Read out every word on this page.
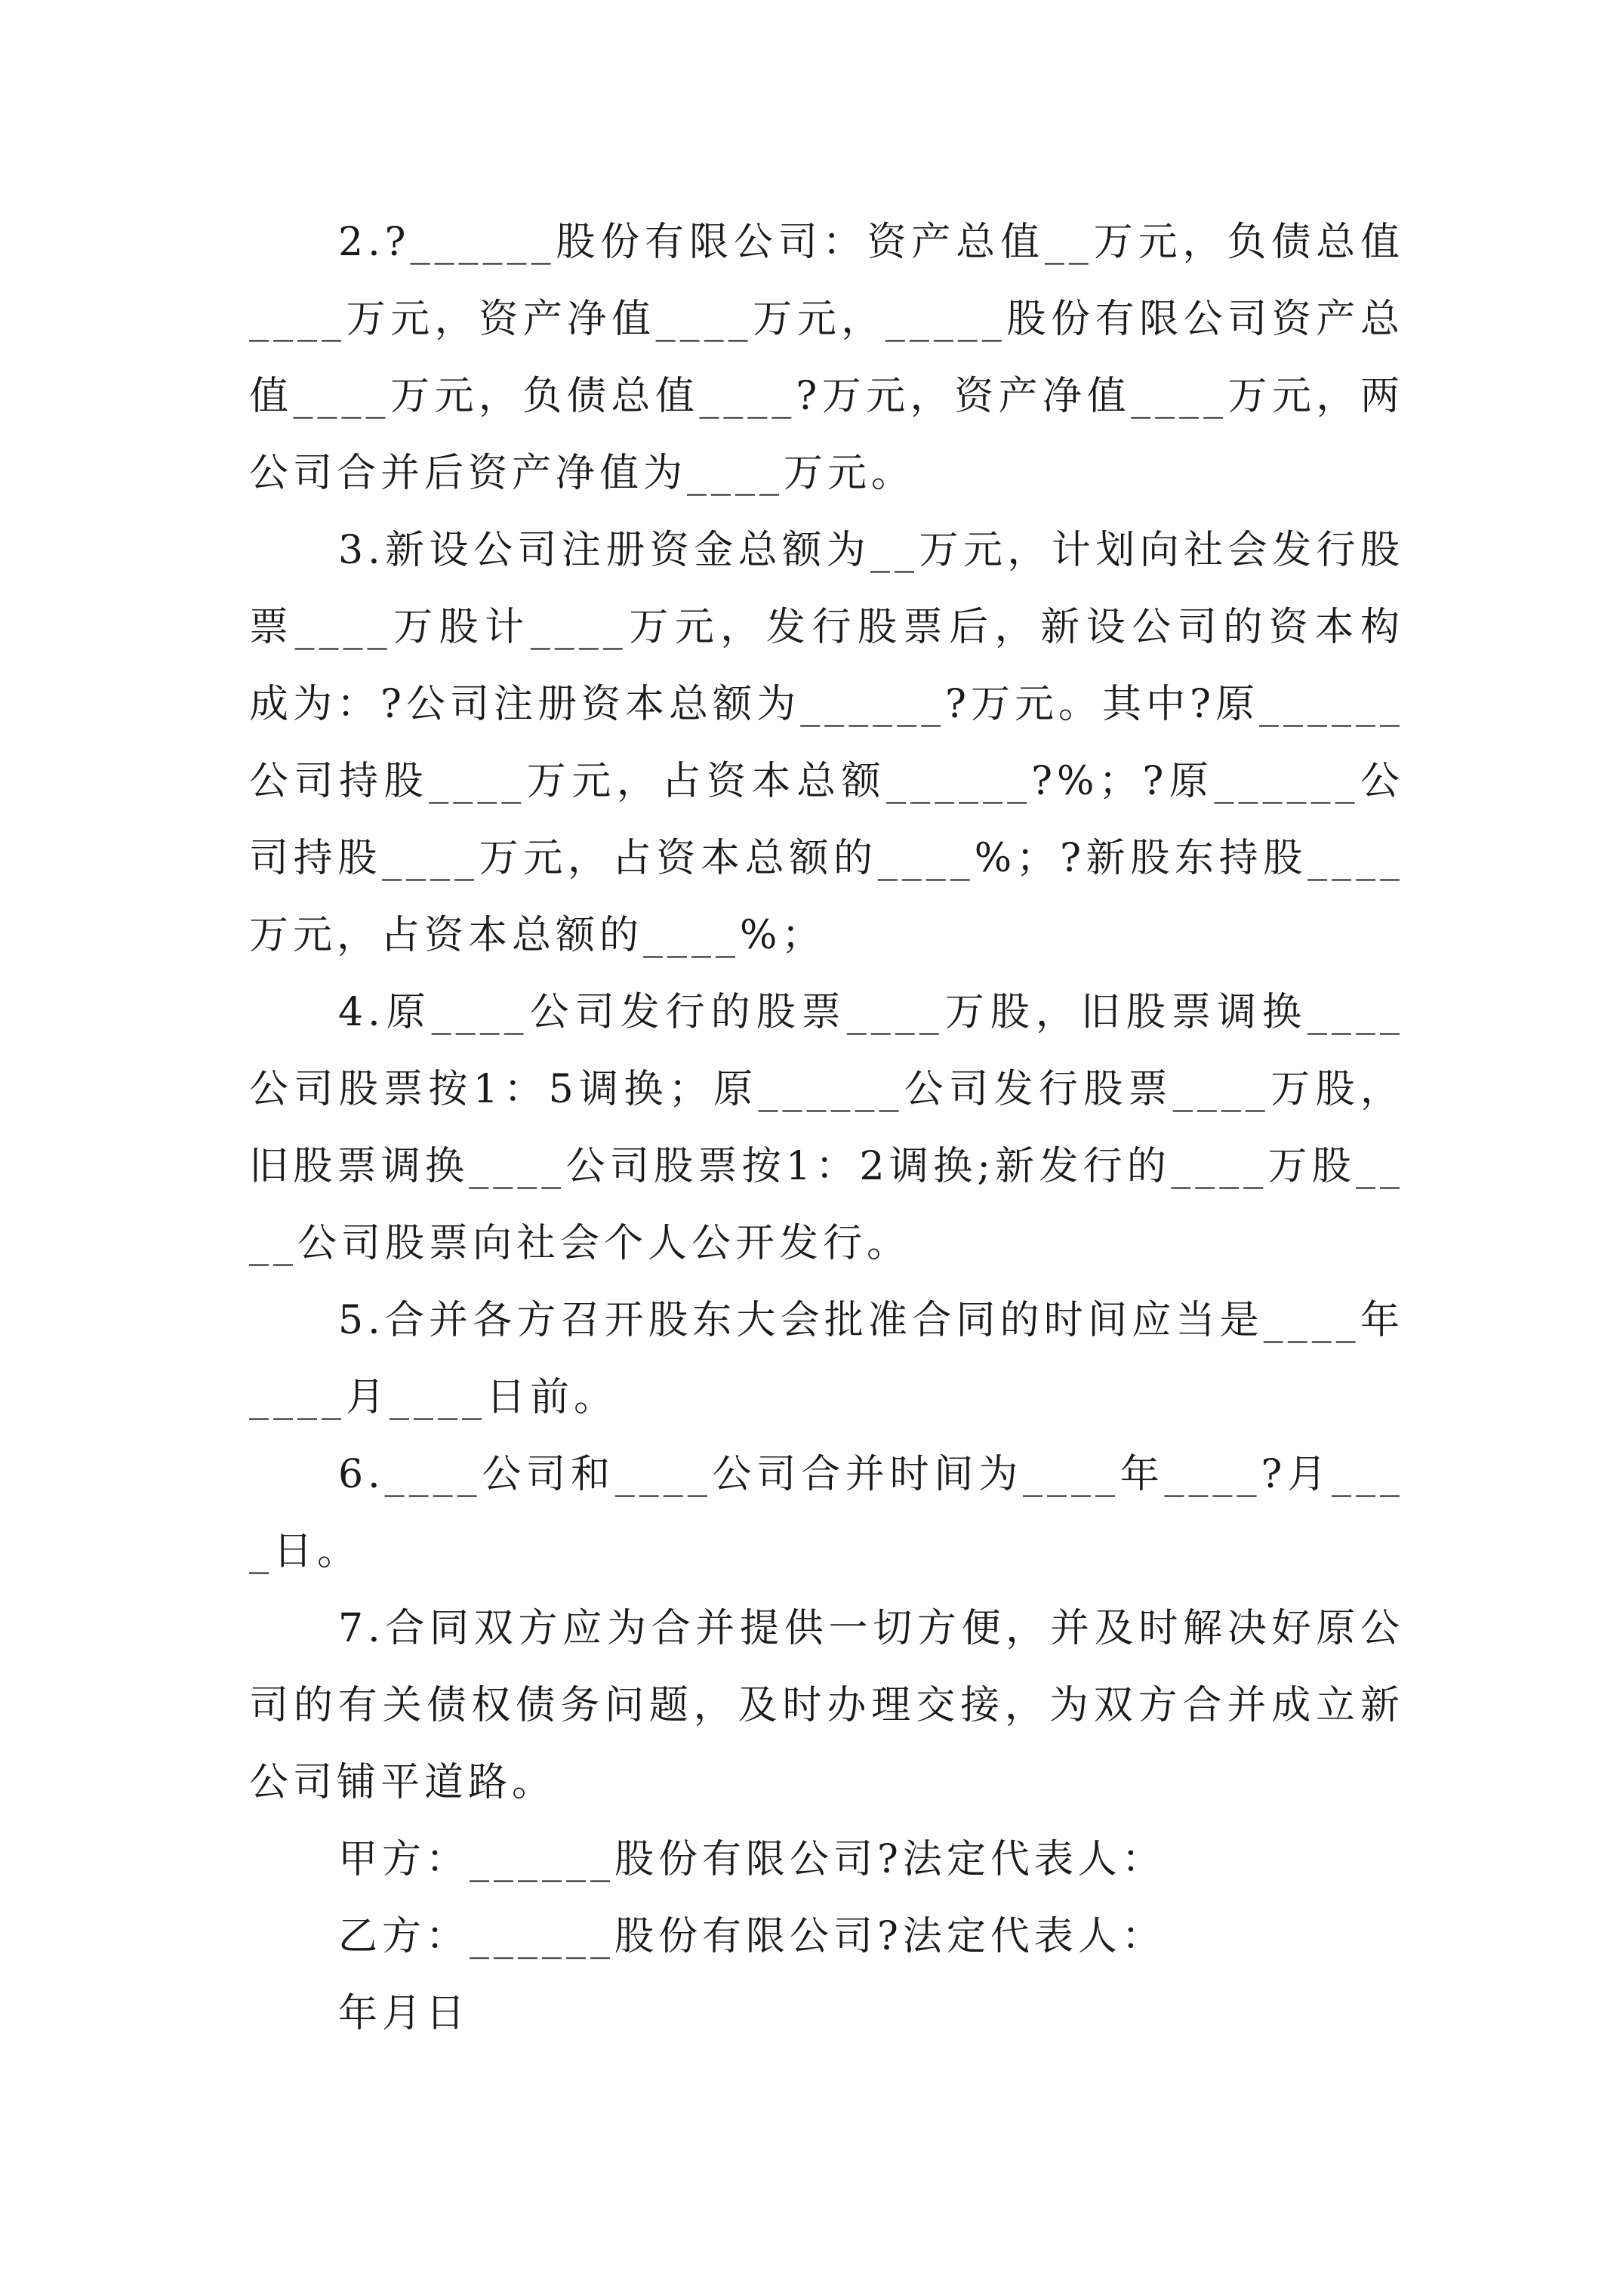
2.?______股份有限公司：资产总值__万元，负债总值____万元，资产净值____万元，_____股份有限公司资产总值____万元，负债总值____?万元，资产净值____万元，两公司合并后资产净值为____万元。

3.新设公司注册资金总额为__万元，计划向社会发行股票____万股计____万元，发行股票后，新设公司的资本构成为：?公司注册资本总额为______?万元。其中?原______公司持股____万元，占资本总额______?%；?原______公司持股____万元，占资本总额的____%；?新股东持股____万元，占资本总额的____%；

4.原____公司发行的股票____万股，旧股票调换____公司股票按1：5调换；原______公司发行股票____万股，旧股票调换____公司股票按1：2调换;新发行的____万股____公司股票向社会个人公开发行。

5.合并各方召开股东大会批准合同的时间应当是____年____月____日前。

6.____公司和____公司合并时间为____年____?月____日。

7.合同双方应为合并提供一切方便，并及时解决好原公司的有关债权债务问题，及时办理交接，为双方合并成立新公司铺平道路。

甲方：______股份有限公司?法定代表人：

乙方：______股份有限公司?法定代表人：

年月日
